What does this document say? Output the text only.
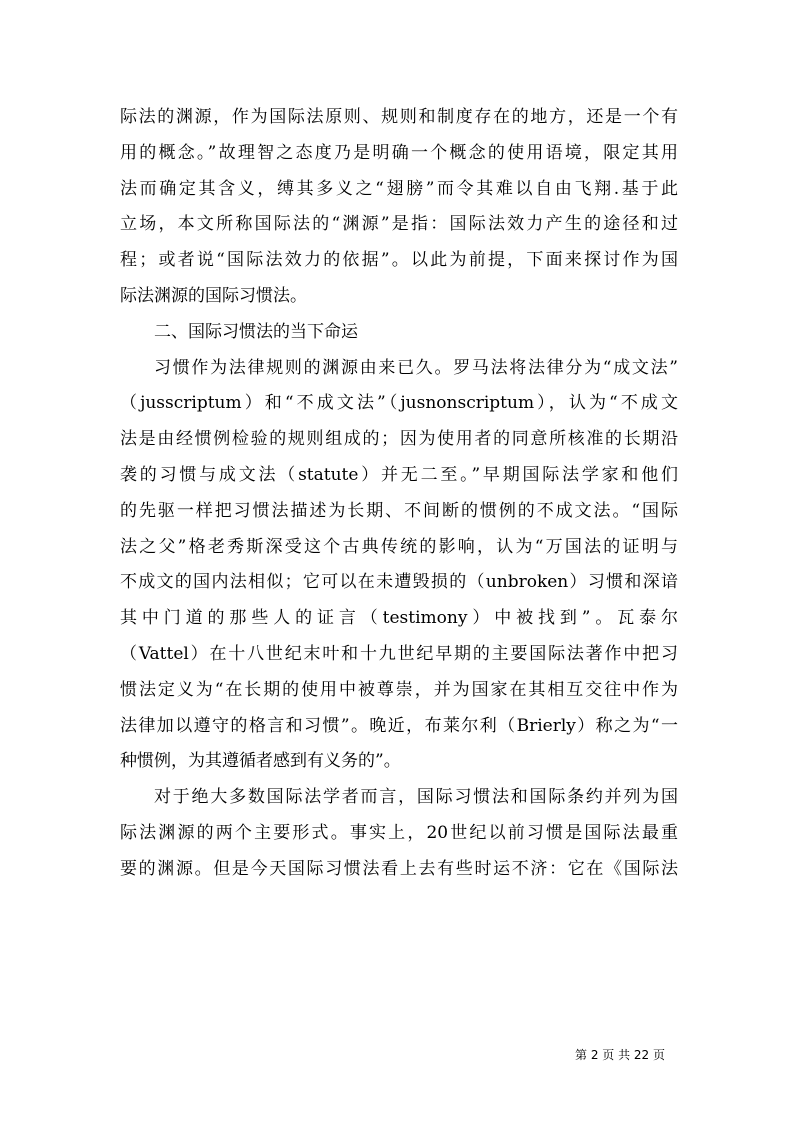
际法的渊源，作为国际法原则、规则和制度存在的地方，还是一个有
用的概念。”故理智之态度乃是明确一个概念的使用语境，限定其用
法而确定其含义，缚其多义之“翅膀”而令其难以自由飞翔.基于此
立场，本文所称国际法的“渊源”是指：国际法效力产生的途径和过
程；或者说“国际法效力的依据”。以此为前提，下面来探讨作为国
际法渊源的国际习惯法。
二、国际习惯法的当下命运
习惯作为法律规则的渊源由来已久。罗马法将法律分为“成文法”
（jusscriptum）和“不成文法”（jusnonscriptum），认为“不成文
法是由经惯例检验的规则组成的；因为使用者的同意所核准的长期沿
袭的习惯与成文法（statute）并无二至。”早期国际法学家和他们
的先驱一样把习惯法描述为长期、不间断的惯例的不成文法。“国际
法之父”格老秀斯深受这个古典传统的影响，认为“万国法的证明与
不成文的国内法相似；它可以在未遭毁损的（unbroken）习惯和深谙
其中门道的那些人的证言（testimony）中被找到”。瓦泰尔
（Vattel）在十八世纪末叶和十九世纪早期的主要国际法著作中把习
惯法定义为“在长期的使用中被尊崇，并为国家在其相互交往中作为
法律加以遵守的格言和习惯”。晚近，布莱尔利（Brierly）称之为“一
种惯例，为其遵循者感到有义务的”。
对于绝大多数国际法学者而言，国际习惯法和国际条约并列为国
际法渊源的两个主要形式。事实上，20世纪以前习惯是国际法最重
要的渊源。但是今天国际习惯法看上去有些时运不济：它在《国际法
第 2 页 共 22 页
